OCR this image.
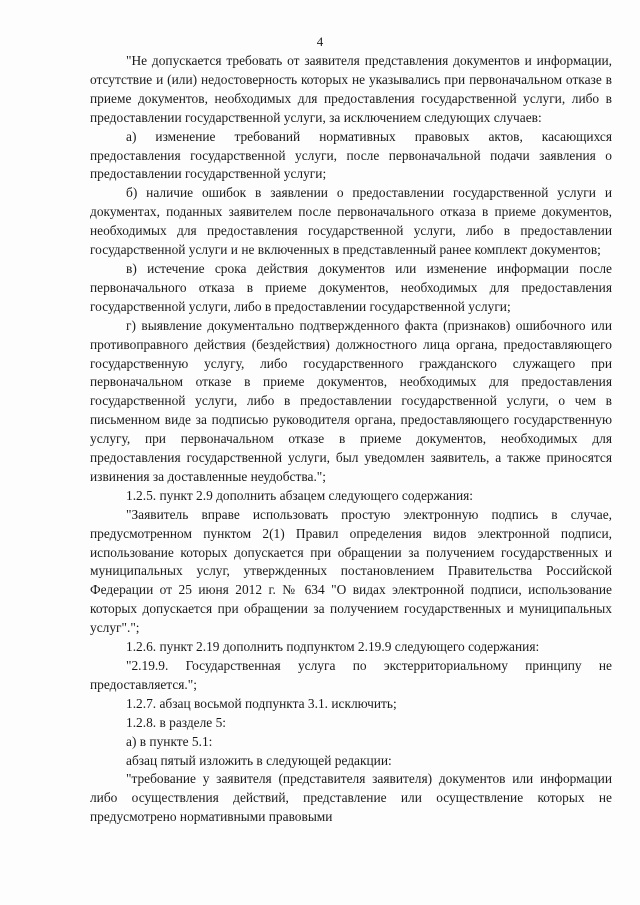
4

"Не допускается требовать от заявителя представления документов и информации, отсутствие и (или) недостоверность которых не указывались при первоначальном отказе в приеме документов, необходимых для предоставления государственной услуги, либо в предоставлении государственной услуги, за исключением следующих случаев:

а) изменение требований нормативных правовых актов, касающихся предоставления государственной услуги, после первоначальной подачи заявления о предоставлении государственной услуги;

б) наличие ошибок в заявлении о предоставлении государственной услуги и документах, поданных заявителем после первоначального отказа в приеме документов, необходимых для предоставления государственной услуги, либо в предоставлении государственной услуги и не включенных в представленный ранее комплект документов;

в) истечение срока действия документов или изменение информации после первоначального отказа в приеме документов, необходимых для предоставления государственной услуги, либо в предоставлении государственной услуги;

г) выявление документально подтвержденного факта (признаков) ошибочного или противоправного действия (бездействия) должностного лица органа, предоставляющего государственную услугу, либо государственного гражданского служащего при первоначальном отказе в приеме документов, необходимых для предоставления государственной услуги, либо в предоставлении государственной услуги, о чем в письменном виде за подписью руководителя органа, предоставляющего государственную услугу, при первоначальном отказе в приеме документов, необходимых для предоставления государственной услуги, был уведомлен заявитель, а также приносятся извинения за доставленные неудобства.";

1.2.5. пункт 2.9 дополнить абзацем следующего содержания:

"Заявитель вправе использовать простую электронную подпись в случае, предусмотренном пунктом 2(1) Правил определения видов электронной подписи, использование которых допускается при обращении за получением государственных и муниципальных услуг, утвержденных постановлением Правительства Российской Федерации от 25 июня 2012 г. № 634 "О видах электронной подписи, использование которых допускается при обращении за получением государственных и муниципальных услуг".";

1.2.6. пункт 2.19 дополнить подпунктом 2.19.9 следующего содержания:

"2.19.9. Государственная услуга по экстерриториальному принципу не предоставляется.";

1.2.7. абзац восьмой подпункта 3.1. исключить;

1.2.8. в разделе 5:

а) в пункте 5.1:

абзац пятый изложить в следующей редакции:

"требование у заявителя (представителя заявителя) документов или информации либо осуществления действий, представление или осуществление которых не предусмотрено нормативными правовыми
